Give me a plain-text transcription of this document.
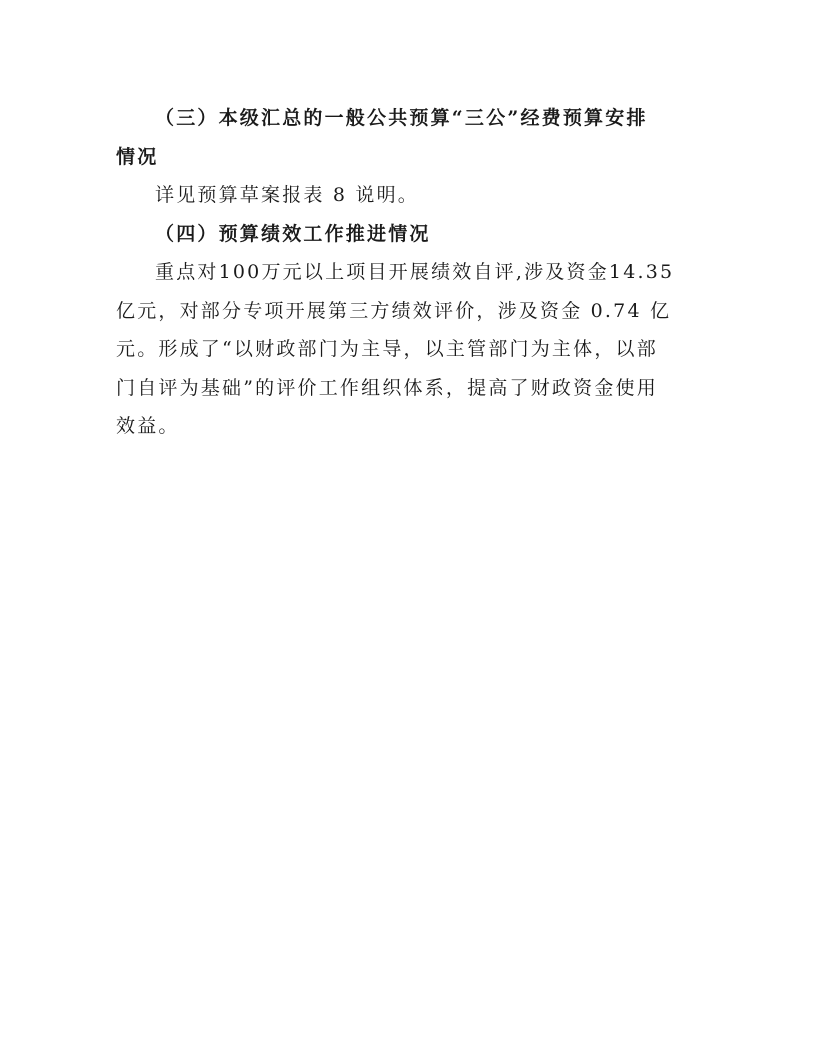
（三）本级汇总的一般公共预算“三公”经费预算安排
情况
详见预算草案报表 8 说明。
（四）预算绩效工作推进情况
重点对100万元以上项目开展绩效自评,涉及资金14.35
亿元，对部分专项开展第三方绩效评价，涉及资金 0.74 亿
元。形成了“以财政部门为主导，以主管部门为主体，以部
门自评为基础”的评价工作组织体系，提高了财政资金使用
效益。
